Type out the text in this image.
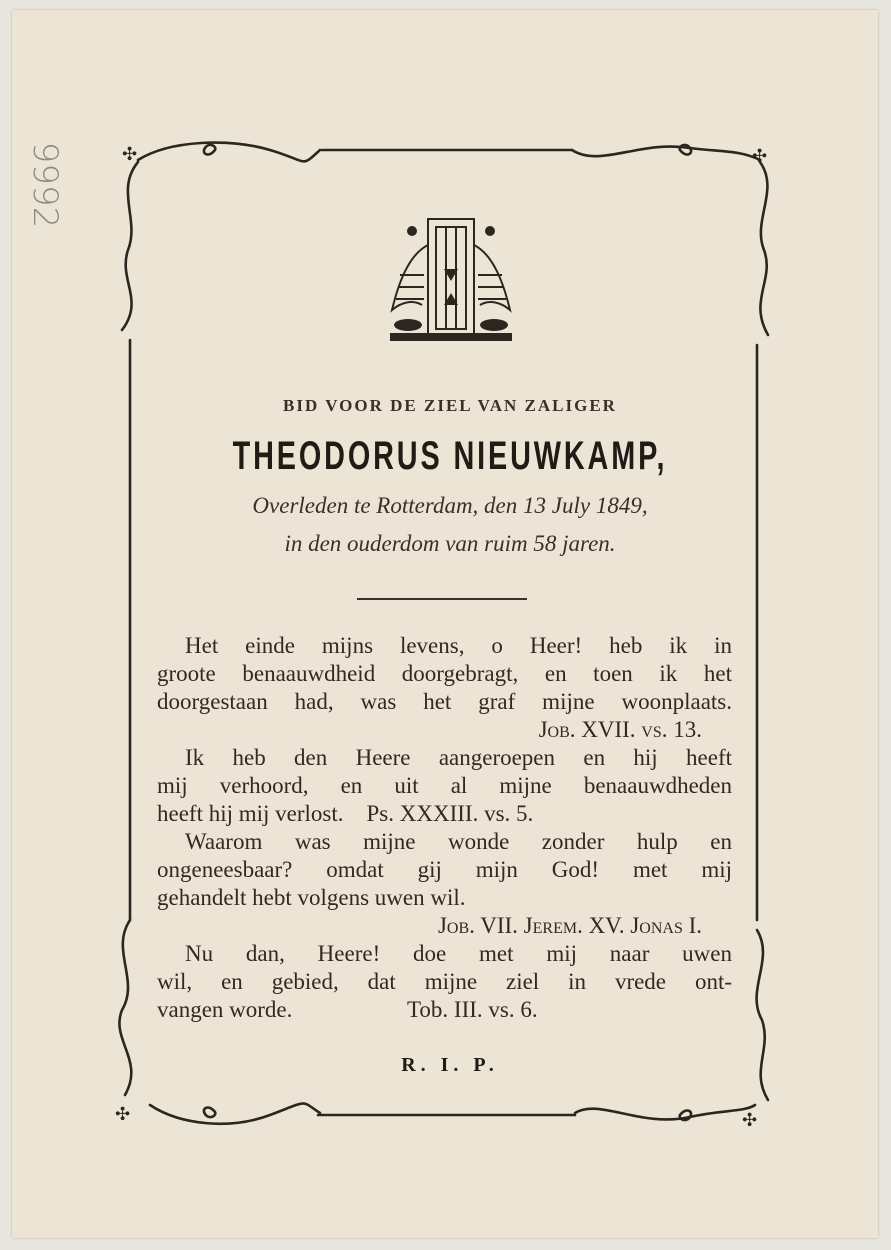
9992	✣	✣
✣	✣
BID VOOR DE ZIEL VAN ZALIGER
THEODORUS NIEUWKAMP,
Overleden te Rotterdam, den 13 July 1849,
in den ouderdom van ruim 58 jaren.
Het einde mijns levens, o Heer! heb ik in
groote benaauwdheid doorgebragt, en toen ik het
doorgestaan had, was het graf mijne woonplaats.
Job. XVII. vs. 13.
Ik heb den Heere aangeroepen en hij heeft
mij verhoord, en uit al mijne benaauwdheden
heeft hij mij verlost.    Ps. XXXIII. vs. 5.
Waarom was mijne wonde zonder hulp en
ongeneesbaar? omdat gij mijn God! met mij
gehandelt hebt volgens uwen wil.
Job. VII. Jerem. XV. Jonas I.
Nu dan, Heere! doe met mij naar uwen
wil, en gebied, dat mijne ziel in vrede ont-
vangen worde.                    Tob. III. vs. 6.
R. I. P.
